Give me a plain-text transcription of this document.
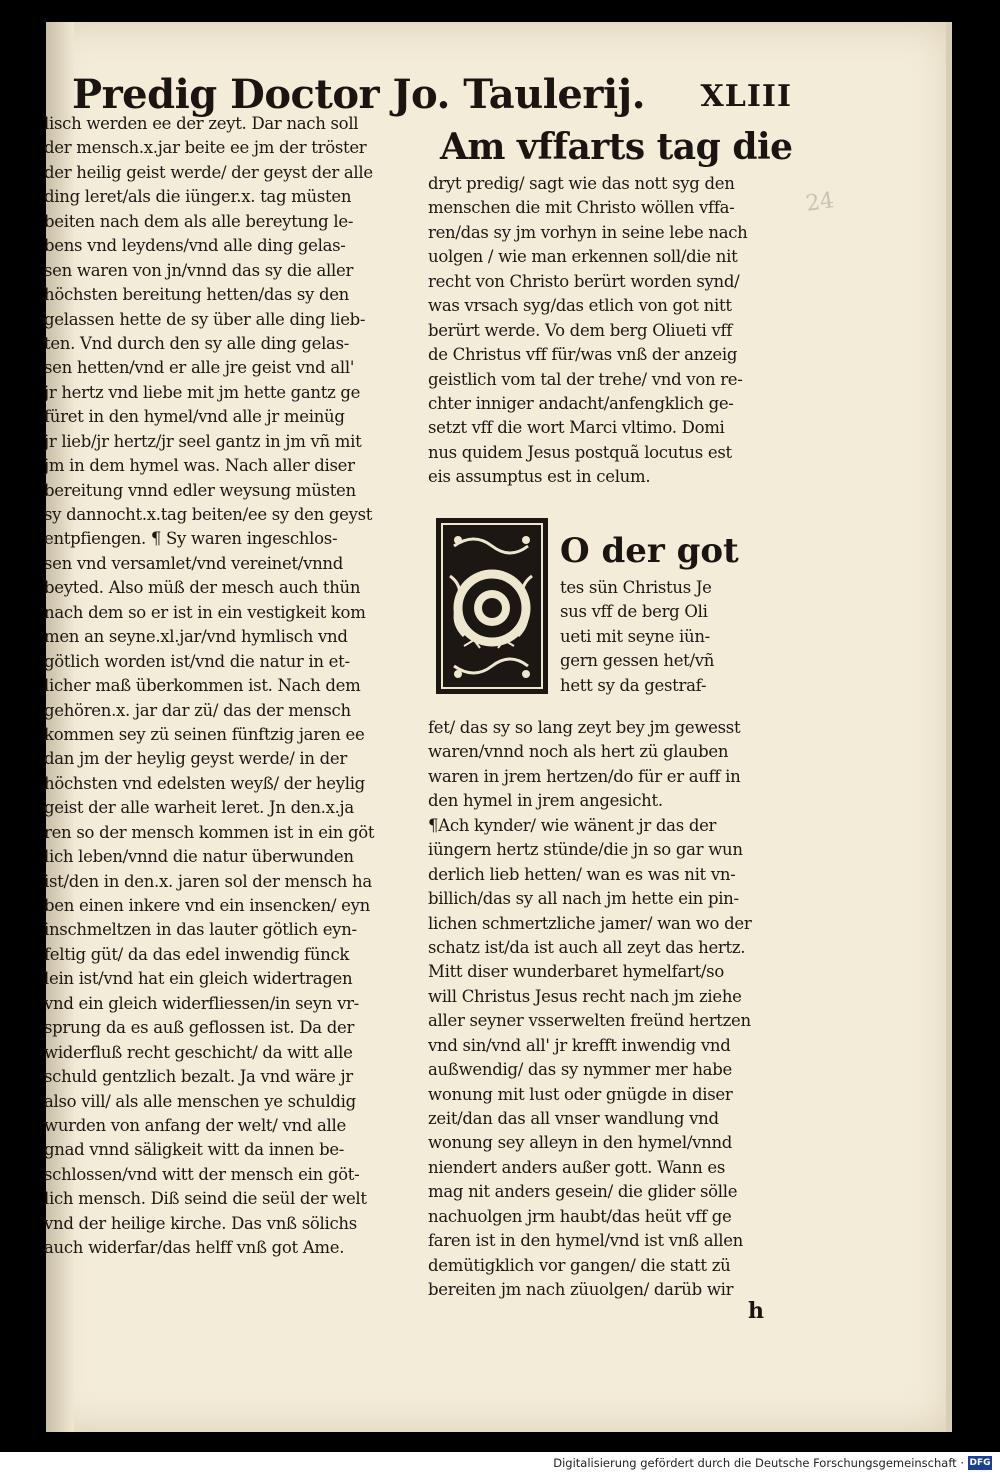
Predig Doctor Jo. Taulerij. XLIII
lisch werden ee der zeyt. Dar nach soll
der mensch.x.jar beite ee jm der tröster
der heilig geist werde/ der geyst der alle
ding leret/als die iünger.x. tag müsten
beiten nach dem als alle bereytung le-
bens vnd leydens/vnd alle ding gelas-
sen waren von jn/vnnd das sy die aller
höchsten bereitung hetten/das sy den
gelassen hette de sy über alle ding lieb-
ten. Vnd durch den sy alle ding gelas-
sen hetten/vnd er alle jre geist vnd all'
jr hertz vnd liebe mit jm hette gantz ge
füret in den hymel/vnd alle jr meinüg
jr lieb/jr hertz/jr seel gantz in jm vñ mit
jm in dem hymel was. Nach aller diser
bereitung vnnd edler weysung müsten
sy dannocht.x.tag beiten/ee sy den geyst
entpfiengen. ¶ Sy waren ingeschlos-
sen vnd versamlet/vnd vereinet/vnnd
beyted. Also müß der mesch auch thün
nach dem so er ist in ein vestigkeit kom
men an seyne.xl.jar/vnd hymlisch vnd
götlich worden ist/vnd die natur in et-
licher maß überkommen ist. Nach dem
gehören.x. jar dar zü/ das der mensch
kommen sey zü seinen fünftzig jaren ee
dan jm der heylig geyst werde/ in der
höchsten vnd edelsten weyß/ der heylig
geist der alle warheit leret. Jn den.x.ja
ren so der mensch kommen ist in ein göt
lich leben/vnnd die natur überwunden
ist/den in den.x. jaren sol der mensch ha
ben einen inkere vnd ein insencken/ eyn
inschmeltzen in das lauter götlich eyn-
feltig güt/ da das edel inwendig fünck
lein ist/vnd hat ein gleich widertragen
vnd ein gleich widerfliessen/in seyn vr-
sprung da es auß geflossen ist. Da der
widerfluß recht geschicht/ da witt alle
schuld gentzlich bezalt. Ja vnd wäre jr
also vill/ als alle menschen ye schuldig
wurden von anfang der welt/ vnd alle
gnad vnnd säligkeit witt da innen be-
schlossen/vnd witt der mensch ein göt-
lich mensch. Diß seind die seül der welt
vnd der heilige kirche. Das vnß sölichs
auch widerfar/das helff vnß got Ame.
Am vffarts tag die
24
dryt predig/ sagt wie das nott syg den
menschen die mit Christo wöllen vffa-
ren/das sy jm vorhyn in seine lebe nach
uolgen / wie man erkennen soll/die nit
recht von Christo berürt worden synd/
was vrsach syg/das etlich von got nitt
berürt werde. Vo dem berg Oliueti vff
de Christus vff für/was vnß der anzeig
geistlich vom tal der trehe/ vnd von re-
chter inniger andacht/anfengklich ge-
setzt vff die wort Marci vltimo. Domi
nus quidem Jesus postquã locutus est
eis assumptus est in celum.
O der got
tes sün Christus Je
sus vff de berg Oli
ueti mit seyne iün-
gern gessen het/vñ
hett sy da gestraf-
fet/ das sy so lang zeyt bey jm gewesst
waren/vnnd noch als hert zü glauben
waren in jrem hertzen/do für er auff in
den hymel in jrem angesicht.
¶Ach kynder/ wie wänent jr das der
iüngern hertz stünde/die jn so gar wun
derlich lieb hetten/ wan es was nit vn-
billich/das sy all nach jm hette ein pin-
lichen schmertzliche jamer/ wan wo der
schatz ist/da ist auch all zeyt das hertz.
Mitt diser wunderbaret hymelfart/so
will Christus Jesus recht nach jm ziehe
aller seyner vsserwelten freünd hertzen
vnd sin/vnd all' jr krefft inwendig vnd
außwendig/ das sy nymmer mer habe
wonung mit lust oder gnügde in diser
zeit/dan das all vnser wandlung vnd
wonung sey alleyn in den hymel/vnnd
niendert anders außer gott. Wann es
mag nit anders gesein/ die glider sölle
nachuolgen jrm haubt/das heüt vff ge
faren ist in den hymel/vnd ist vnß allen
demütigklich vor gangen/ die statt zü
bereiten jm nach züuolgen/ darüb wir
h
Digitalisierung gefördert durch die Deutsche Forschungsgemeinschaft · DFG
